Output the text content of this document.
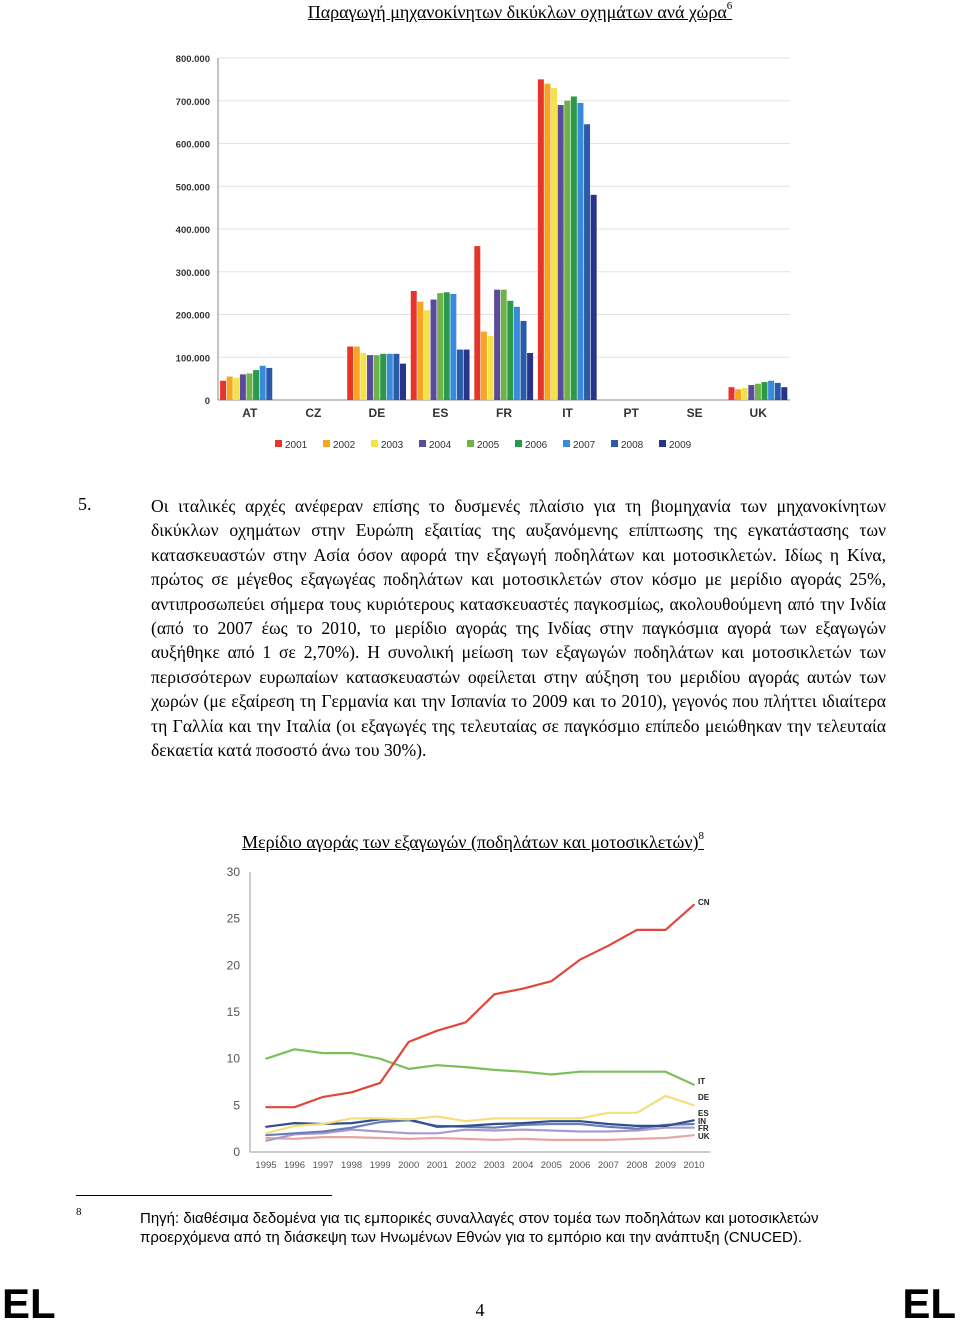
Παραγωγή μηχανοκίνητων δικύκλων οχημάτων ανά χώρα$^6$
0
100.000
200.000
300.000
400.000
500.000
600.000
700.000
800.000
AT	CZ	DE	ES	FR	IT	PT	SE	UK
2001	2002	2003	2004	2005	2006	2007	2008	2009
5.	Οι ιταλικές αρχές ανέφεραν επίσης το δυσμενές πλαίσιο για τη βιομηχανία των μηχανοκίνητων δικύκλων οχημάτων στην Ευρώπη εξαιτίας της αυξανόμενης επίπτωσης της εγκατάστασης των κατασκευαστών στην Ασία όσον αφορά την εξαγωγή ποδηλάτων και μοτοσικλετών. Ιδίως η Κίνα, πρώτος σε μέγεθος εξαγωγέας ποδηλάτων και μοτοσικλετών στον κόσμο με μερίδιο αγοράς 25%, αντιπροσωπεύει σήμερα τους κυριότερους κατασκευαστές παγκοσμίως, ακολουθούμενη από την Ινδία (από το 2007 έως το 2010, το μερίδιο αγοράς της Ινδίας στην παγκόσμια αγορά των εξαγωγών αυξήθηκε από 1 σε 2,70%). Η συνολική μείωση των εξαγωγών ποδηλάτων και μοτοσικλετών των περισσότερων ευρωπαίων κατασκευαστών οφείλεται στην αύξηση του μεριδίου αγοράς αυτών των χωρών (με εξαίρεση τη Γερμανία και την Ισπανία το 2009 και το 2010), γεγονός που πλήττει ιδιαίτερα τη Γαλλία και την Ιταλία (οι εξαγωγές της τελευταίας σε παγκόσμιο επίπεδο μειώθηκαν την τελευταία δεκαετία κατά ποσοστό άνω του 30%).
Μερίδιο αγοράς των εξαγωγών (ποδηλάτων και μοτοσικλετών)$^8$
0
5
10
15
20
25
30
1995 1996 1997 1998 1999 2000 2001 2002 2003 2004 2005 2006 2007 2008 2009 2010
UK
FR
IN
ES
DE
IT
CN
8	Πηγή: διαθέσιμα δεδομένα για τις εμπορικές συναλλαγές στον τομέα των ποδηλάτων και μοτοσικλετών προερχόμενα από τη διάσκεψη των Ηνωμένων Εθνών για το εμπόριο και την ανάπτυξη (CNUCED).
EL	4	EL
